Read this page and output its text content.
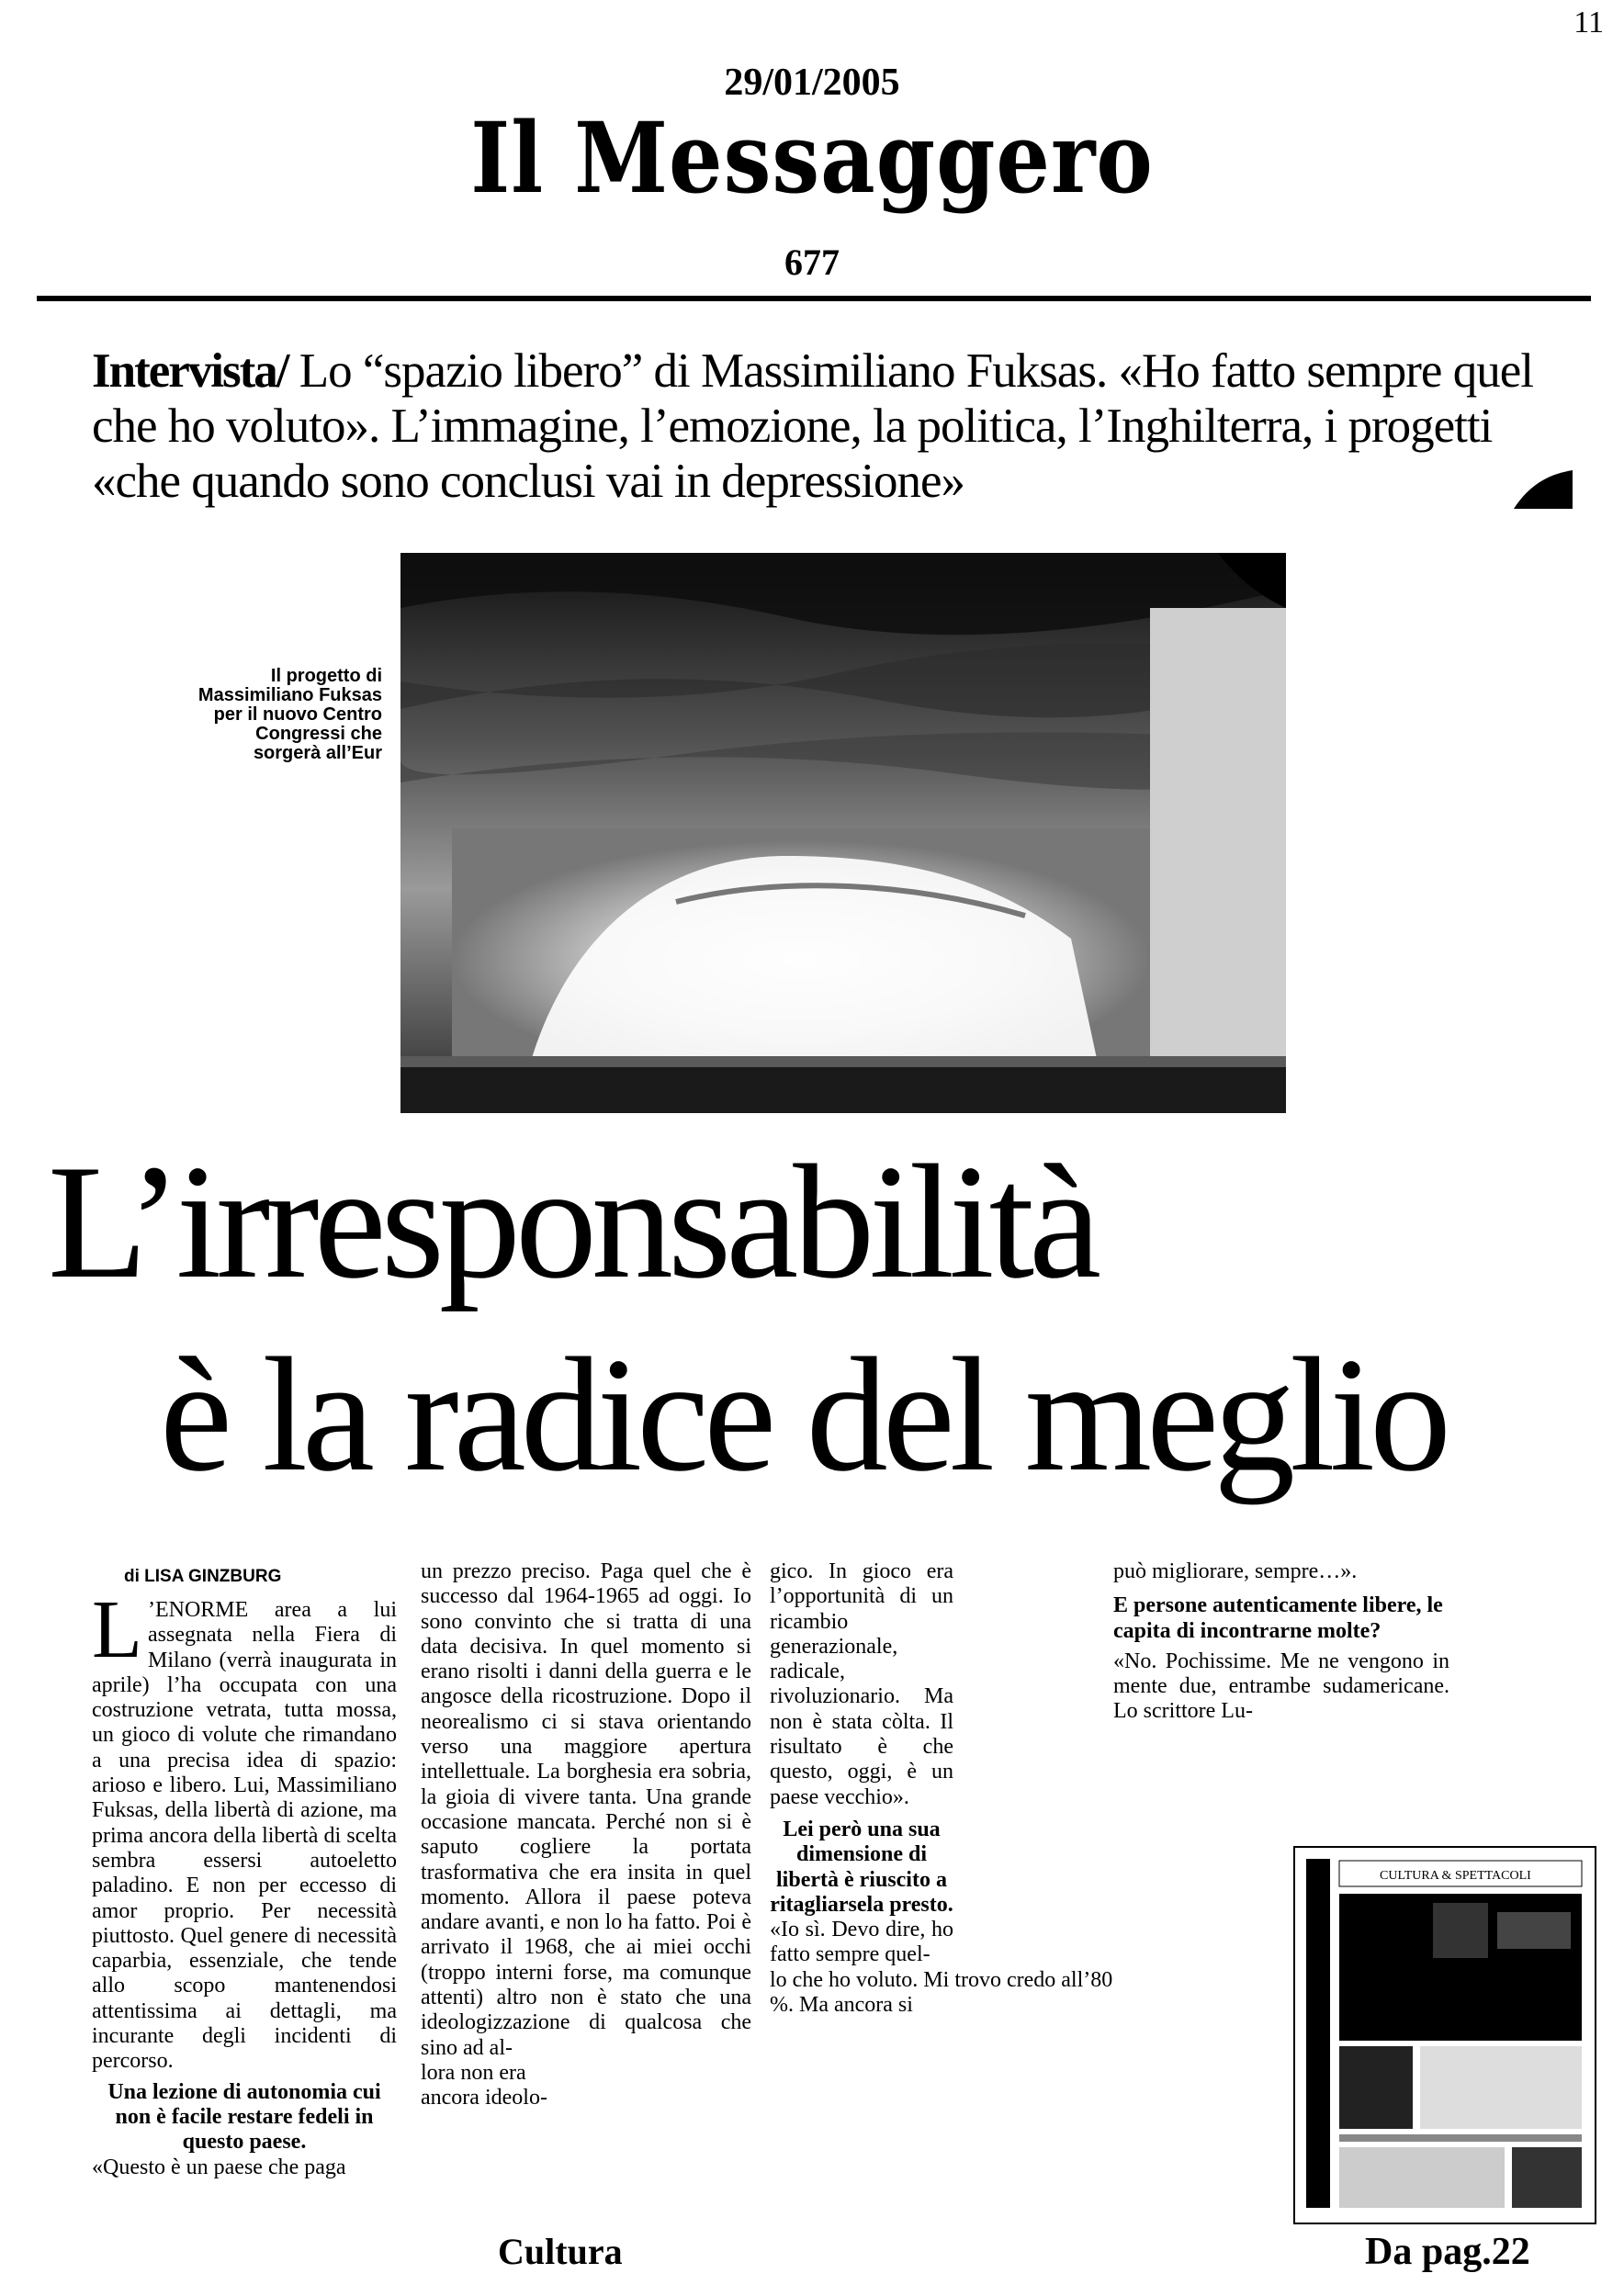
11
29/01/2005
Il Messaggero
677
Intervista/ Lo “spazio libero” di Massimiliano Fuksas. «Ho fatto sempre quel che ho voluto». L’immagine, l’emozione, la politica, l’Inghilterra, i progetti «che quando sono conclusi vai in depressione»
Il progetto di Massimiliano Fuksas per il nuovo Centro Congressi che sorgerà all’Eur
L’irresponsabilità
è la radice del meglio
di LISA GINZBURG

L ’ENORME area a lui assegnata nella Fiera di Milano (verrà inaugurata in aprile) l’ha occupata con una costruzione vetrata, tutta mossa, un gioco di volute che rimandano a una precisa idea di spazio: arioso e libero. Lui, Massimiliano Fuksas, della libertà di azione, ma prima ancora della libertà di scelta sembra essersi autoeletto paladino. E non per eccesso di amor proprio. Per necessità piuttosto. Quel genere di necessità caparbia, essenziale, che tende allo scopo mantenendosi attentissima ai dettagli, ma incurante degli incidenti di percorso.

Una lezione di autonomia cui non è facile restare fedeli in questo paese.

«Questo è un paese che paga

un prezzo preciso. Paga quel che è successo dal 1964-1965 ad oggi. Io sono convinto che si tratta di una data decisiva. In quel momento si erano risolti i danni della guerra e le angosce della ricostruzione. Dopo il neorealismo ci si stava orientando verso una maggiore apertura intellettuale. La borghesia era sobria, la gioia di vivere tanta. Una grande occasione mancata. Perché non si è saputo cogliere la portata trasformativa che era insita in quel momento. Allora il paese poteva andare avanti, e non lo ha fatto. Poi è arrivato il 1968, che ai miei occhi (troppo interni forse, ma comunque attenti) altro non è stato che una ideologizzazione di qualcosa che sino ad al-

lora non era ancora ideolo-

gico. In gioco era l’opportunità di un ricambio generazionale, radicale, rivoluzionario. Ma non è stata còlta. Il risultato è che questo, oggi, è un paese vecchio».

Lei però una sua dimensione di libertà è riuscito a ritagliarsela presto.

«Io sì. Devo dire, ho fatto sempre quel-

lo che ho voluto. Mi trovo credo all’80 %. Ma ancora si

può migliorare, sempre…».

E persone autenticamente libere, le capita di incontrarne molte?

«No. Pochissime. Me ne vengono in mente due, entrambe sudamericane. Lo scrittore Lu-

CULTURA & SPETTACOLI
Cultura	Da pag.22
